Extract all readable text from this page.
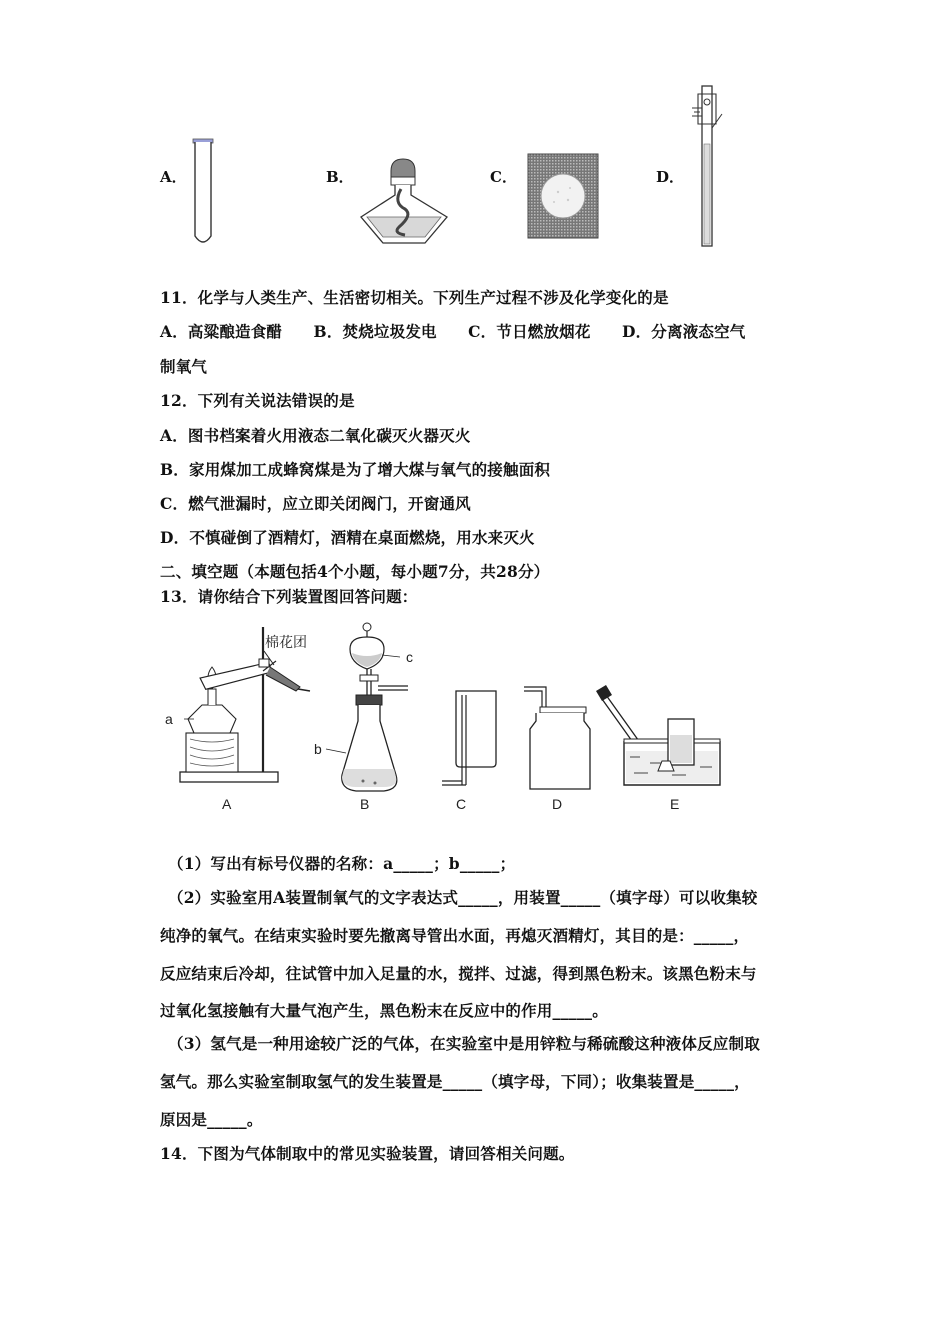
A．	B．	C．	D．
11．化学与人类生产、生活密切相关。下列生产过程不涉及化学变化的是
A．高粱酿造食醋　　B．焚烧垃圾发电　　C．节日燃放烟花　　D．分离液态空气
制氧气
12．下列有关说法错误的是
A．图书档案着火用液态二氧化碳灭火器灭火
B．家用煤加工成蜂窝煤是为了增大煤与氧气的接触面积
C．燃气泄漏时，应立即关闭阀门，开窗通风
D．不慎碰倒了酒精灯，酒精在桌面燃烧，用水来灭火
二、填空题（本题包括4个小题，每小题7分，共28分）
13．请你结合下列装置图回答问题：
棉花团
a
A
c
b
B	C	D	E
（1）写出有标号仪器的名称：a_____；b_____；
（2）实验室用A装置制氧气的文字表达式_____，用装置_____（填字母）可以收集较
纯净的氧气。在结束实验时要先撤离导管出水面，再熄灭酒精灯，其目的是：_____，
反应结束后冷却，往试管中加入足量的水，搅拌、过滤，得到黑色粉末。该黑色粉末与
过氧化氢接触有大量气泡产生，黑色粉末在反应中的作用_____。
（3）氢气是一种用途较广泛的气体，在实验室中是用锌粒与稀硫酸这种液体反应制取
氢气。那么实验室制取氢气的发生装置是_____（填字母，下同）；收集装置是_____，
原因是_____。
14．下图为气体制取中的常见实验装置，请回答相关问题。
